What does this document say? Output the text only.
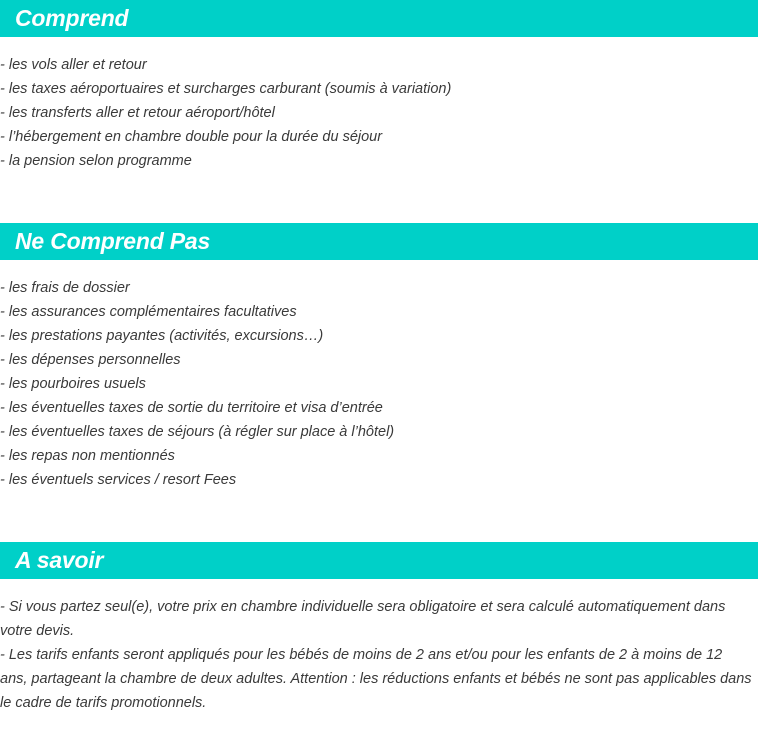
Comprend
- les vols aller et retour
- les taxes aéroportuaires et surcharges carburant (soumis à variation)
- les transferts aller et retour aéroport/hôtel
- l’hébergement en chambre double pour la durée du séjour
- la pension selon programme
Ne Comprend Pas
- les frais de dossier
- les assurances complémentaires facultatives
- les prestations payantes (activités, excursions…)
- les dépenses personnelles
- les pourboires usuels
- les éventuelles taxes de sortie du territoire et visa d’entrée
- les éventuelles taxes de séjours (à régler sur place à l’hôtel)
- les repas non mentionnés
- les éventuels services / resort Fees
A savoir

- Si vous partez seul(e), votre prix en chambre individuelle sera obligatoire et sera calculé automatiquement dans votre devis.

- Les tarifs enfants seront appliqués pour les bébés de moins de 2 ans et/ou pour les enfants de 2 à moins de 12 ans, partageant la chambre de deux adultes. Attention : les réductions enfants et bébés ne sont pas applicables dans le cadre de tarifs promotionnels.
